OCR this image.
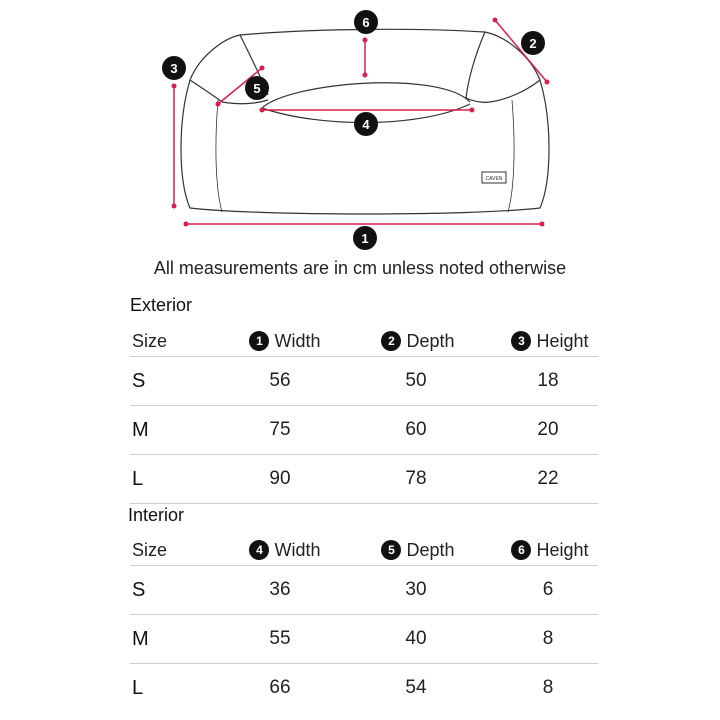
CAVEN
1
2
3
4
5
6
All measurements are in cm unless noted otherwise
Exterior
Size	1 Width	2 Depth	3 Height
S	56	50	18
M	75	60	20
L	90	78	22
Interior
Size	4 Width	5 Depth	6 Height
S	36	30	6
M	55	40	8
L	66	54	8
